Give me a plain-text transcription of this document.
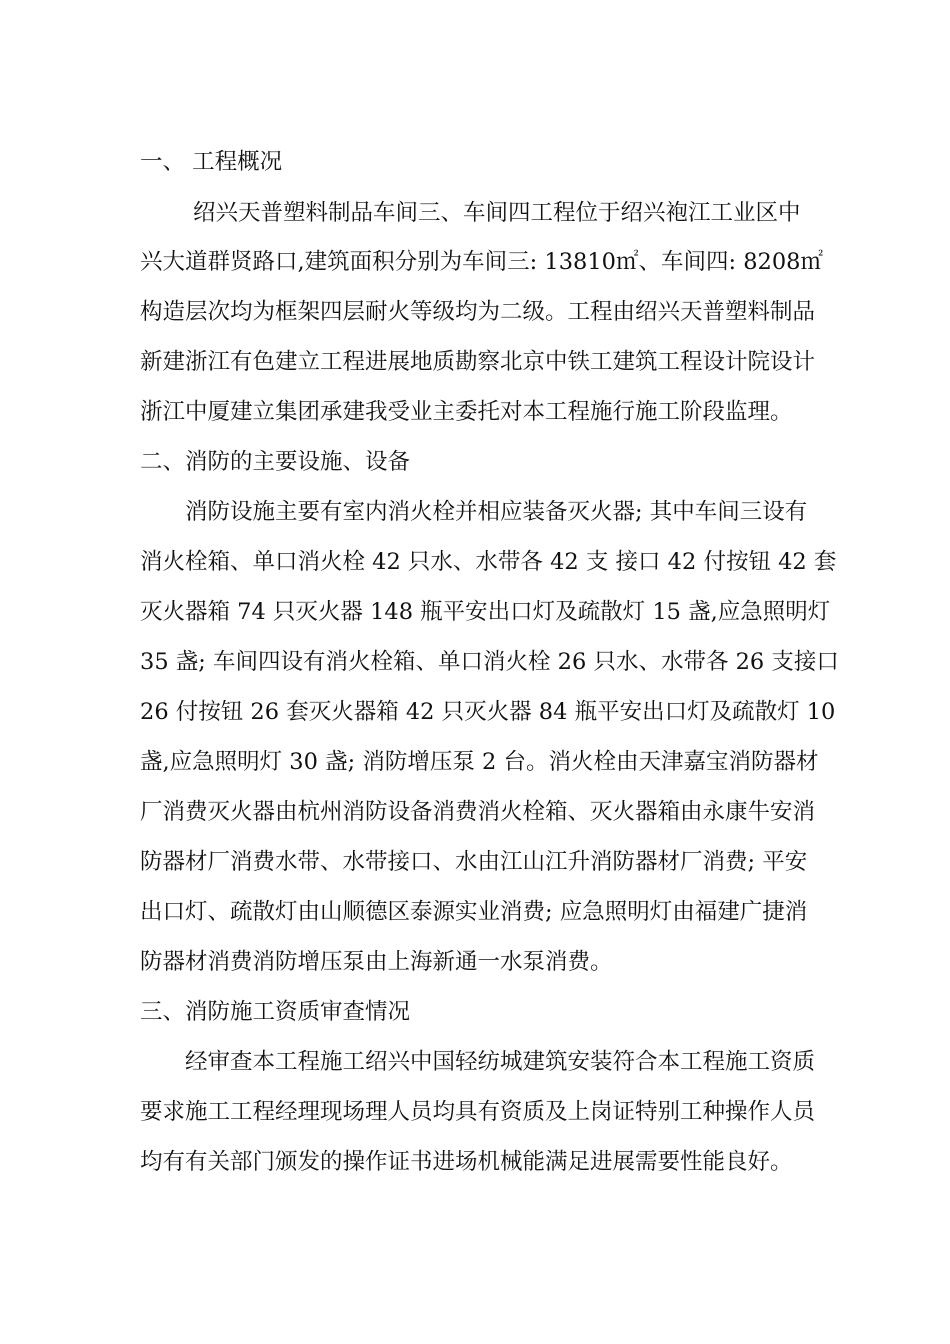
一、 工程概况
绍兴天普塑料制品车间三、车间四工程位于绍兴袍江工业区中
兴大道群贤路口,建筑面积分别为车间三: 13810㎡、车间四: 8208㎡
构造层次均为框架四层耐火等级均为二级。工程由绍兴天普塑料制品
新建浙江有色建立工程进展地质勘察北京中铁工建筑工程设计院设计
浙江中厦建立集团承建我受业主委托对本工程施行施工阶段监理。
二、消防的主要设施、设备
消防设施主要有室内消火栓并相应装备灭火器; 其中车间三设有
消火栓箱、单口消火栓 42 只水、水带各 42 支 接口 42 付按钮 42 套
灭火器箱 74 只灭火器 148 瓶平安出口灯及疏散灯 15 盏,应急照明灯
35 盏; 车间四设有消火栓箱、单口消火栓 26 只水、水带各 26 支接口
26 付按钮 26 套灭火器箱 42 只灭火器 84 瓶平安出口灯及疏散灯 10
盏,应急照明灯 30 盏; 消防增压泵 2 台。消火栓由天津嘉宝消防器材
厂消费灭火器由杭州消防设备消费消火栓箱、灭火器箱由永康牛安消
防器材厂消费水带、水带接口、水由江山江升消防器材厂消费; 平安
出口灯、疏散灯由山顺德区泰源实业消费; 应急照明灯由福建广捷消
防器材消费消防增压泵由上海新通一水泵消费。
三、消防施工资质审查情况
经审查本工程施工绍兴中国轻纺城建筑安装符合本工程施工资质
要求施工工程经理现场理人员均具有资质及上岗证特别工种操作人员
均有有关部门颁发的操作证书进场机械能满足进展需要性能良好。
